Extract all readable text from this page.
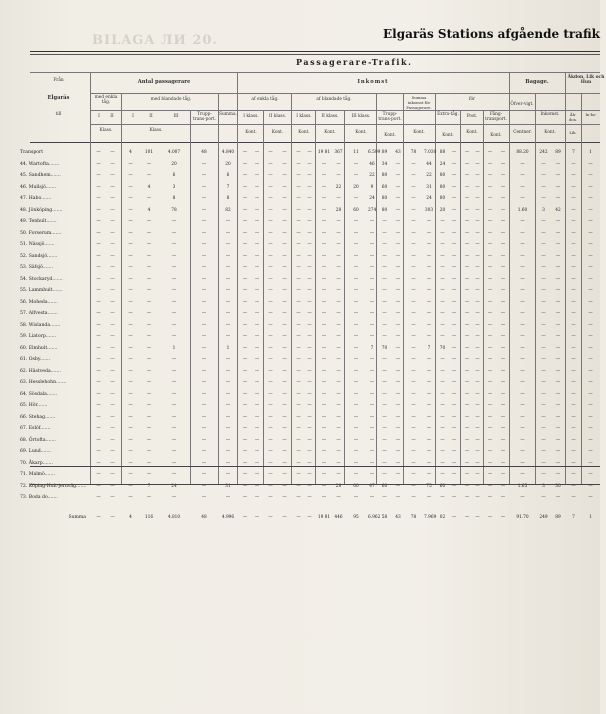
BILAGA ЛИ 20.	Elgaräs Stations afgående trafik
Passagerare-Trafik.
Från
Elgaräs
till
Antal passagerare	Inkomst	Bagage.
Åkdon, Lik och Hun
med enkla tåg.
med blandade tåg.	af enkla tåg.	af blandade tåg.	Summa inkomst för Passagerare.
för
Öfver-vigt.
Inkomst.
I	II
Klass.
I	II	III
Klass.
Trupp-trans-port.
Summa.	I klass.	II klass.	I klass.	II klass.	III klass.	Trupp-trans-port.
Extra-tåg.	Post.	Fång-transport.
Åk-don.
In-ko-
Kont.	Kont.	Kont.	Kont.	Kont.
Kont.
Kont.
Kont.
Kont.
Kont.
Centner.	Kont.	Lik.
Transport	—	—	4	101	4.007	48	4.840	—	—	—	—	—	—	19 81 367	11	6.599 89	43	78	7.030 88	—	—	—	—	—	88.20	242	89	7	1
44. Wartofta.......	—	—	—	—	20	—	20	—	—	—	—	—	—	—	—	—	46	34	—	—	44	24	—	—	—	—	—	—	—	—	—	—
45. Sandhem.......	—	—	—	—	6	—	6	—	—	—	—	—	—	—	—	—	22	80	—	—	22	80	—	—	—	—	—	—	—	—	—	—
46. Mullsjö.......	—	—	—	4	3	—	7	—	—	—	—	—	—	—	22	20	9	60	—	—	31	80	—	—	—	—	—	—	—	—	—	—
47. Habo.......	—	—	—	—	8	—	8	—	—	—	—	—	—	—	—	—	24	80	—	—	24	80	—	—	—	—	—	—	—	—	—	—
48. Jönköping.......	—	—	—	4	78	—	82	—	—	—	—	—	—	—	28	60	274	80	—	—	303	20	—	—	—	—	—	1.60	3	42	—	—
49. Tenhult.......	—	—	—	—	—	—	—	—	—	—	—	—	—	—	—	—	—	—	—	—	—	—	—	—	—	—	—	—	—	—	—	—
50. Forserum.......	—	—	—	—	—	—	—	—	—	—	—	—	—	—	—	—	—	—	—	—	—	—	—	—	—	—	—	—	—	—	—	—
51. Nässjö.......	—	—	—	—	—	—	—	—	—	—	—	—	—	—	—	—	—	—	—	—	—	—	—	—	—	—	—	—	—	—	—	—
52. Sandsjö.......	—	—	—	—	—	—	—	—	—	—	—	—	—	—	—	—	—	—	—	—	—	—	—	—	—	—	—	—	—	—	—	—
53. Säfsjö.......	—	—	—	—	—	—	—	—	—	—	—	—	—	—	—	—	—	—	—	—	—	—	—	—	—	—	—	—	—	—	—	—
54. Stockaryd.......	—	—	—	—	—	—	—	—	—	—	—	—	—	—	—	—	—	—	—	—	—	—	—	—	—	—	—	—	—	—	—	—
55. Lammhult.......	—	—	—	—	—	—	—	—	—	—	—	—	—	—	—	—	—	—	—	—	—	—	—	—	—	—	—	—	—	—	—	—
56. Moheda.......	—	—	—	—	—	—	—	—	—	—	—	—	—	—	—	—	—	—	—	—	—	—	—	—	—	—	—	—	—	—	—	—
57. Alfvesta.......	—	—	—	—	—	—	—	—	—	—	—	—	—	—	—	—	—	—	—	—	—	—	—	—	—	—	—	—	—	—	—	—
58. Wislanda.......	—	—	—	—	—	—	—	—	—	—	—	—	—	—	—	—	—	—	—	—	—	—	—	—	—	—	—	—	—	—	—	—
59. Liatorp.......	—	—	—	—	—	—	—	—	—	—	—	—	—	—	—	—	—	—	—	—	—	—	—	—	—	—	—	—	—	—	—	—
60. Elmhult.......	—	—	—	—	1	—	1	—	—	—	—	—	—	—	—	—	7	70	—	—	7	70	—	—	—	—	—	—	—	—	—	—
61. Osby.......	—	—	—	—	—	—	—	—	—	—	—	—	—	—	—	—	—	—	—	—	—	—	—	—	—	—	—	—	—	—	—	—
62. Hästveda.......	—	—	—	—	—	—	—	—	—	—	—	—	—	—	—	—	—	—	—	—	—	—	—	—	—	—	—	—	—	—	—	—
63. Hesslehohn.......	—	—	—	—	—	—	—	—	—	—	—	—	—	—	—	—	—	—	—	—	—	—	—	—	—	—	—	—	—	—	—	—
64. Sösdala.......	—	—	—	—	—	—	—	—	—	—	—	—	—	—	—	—	—	—	—	—	—	—	—	—	—	—	—	—	—	—	—	—
65. Hör.......	—	—	—	—	—	—	—	—	—	—	—	—	—	—	—	—	—	—	—	—	—	—	—	—	—	—	—	—	—	—	—	—
66. Stehag.......	—	—	—	—	—	—	—	—	—	—	—	—	—	—	—	—	—	—	—	—	—	—	—	—	—	—	—	—	—	—	—	—
67. Eslöf.......	—	—	—	—	—	—	—	—	—	—	—	—	—	—	—	—	—	—	—	—	—	—	—	—	—	—	—	—	—	—	—	—
68. Örtofta.......	—	—	—	—	—	—	—	—	—	—	—	—	—	—	—	—	—	—	—	—	—	—	—	—	—	—	—	—	—	—	—	—
69. Lund.......	—	—	—	—	—	—	—	—	—	—	—	—	—	—	—	—	—	—	—	—	—	—	—	—	—	—	—	—	—	—	—	—
70. Åkarp.......	—	—	—	—	—	—	—	—	—	—	—	—	—	—	—	—	—	—	—	—	—	—	—	—	—	—	—	—	—	—	—	—
71. Malmö.......	—	—	—	—	—	—	—	—	—	—	—	—	—	—	—	—	—	—	—	—	—	—	—	—	—	—	—	—	—	—	—	—
72. Köping-Hult-jernväg.......	—	—	—	7	24	—	31	—	—	—	—	—	—	—	28	00	47	60	—	—	75	60	—	—	—	—	—	1.65	3	30	—	—
73. Boda do.......	—	—	—	—	—	—	—	—	—	—	—	—	—	—	—	—	—	—	—	—	—	—	—	—	—	—	—	—	—	—	—	—
Summa	—	—	4	116	4.810	48	4.996	—	—	—	—	—	—	19 81 446	95	6.962 58	43	78	7.969 02	—	—	—	—	—	91.70	249	89	7	1
